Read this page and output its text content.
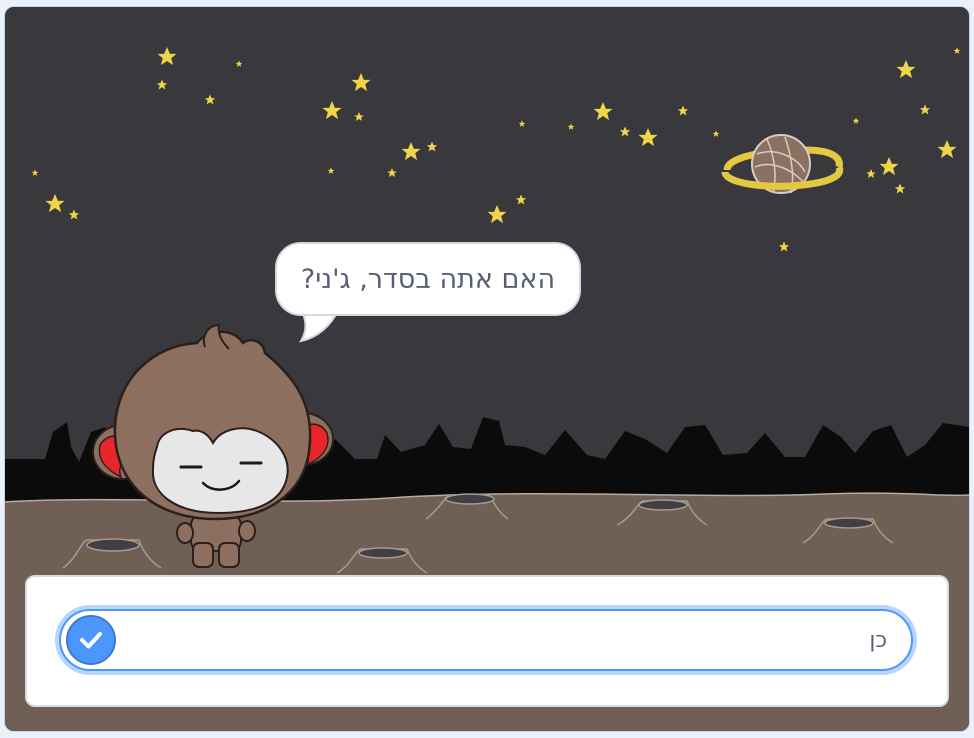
האם אתה בסדר, ג'ני?
כן
